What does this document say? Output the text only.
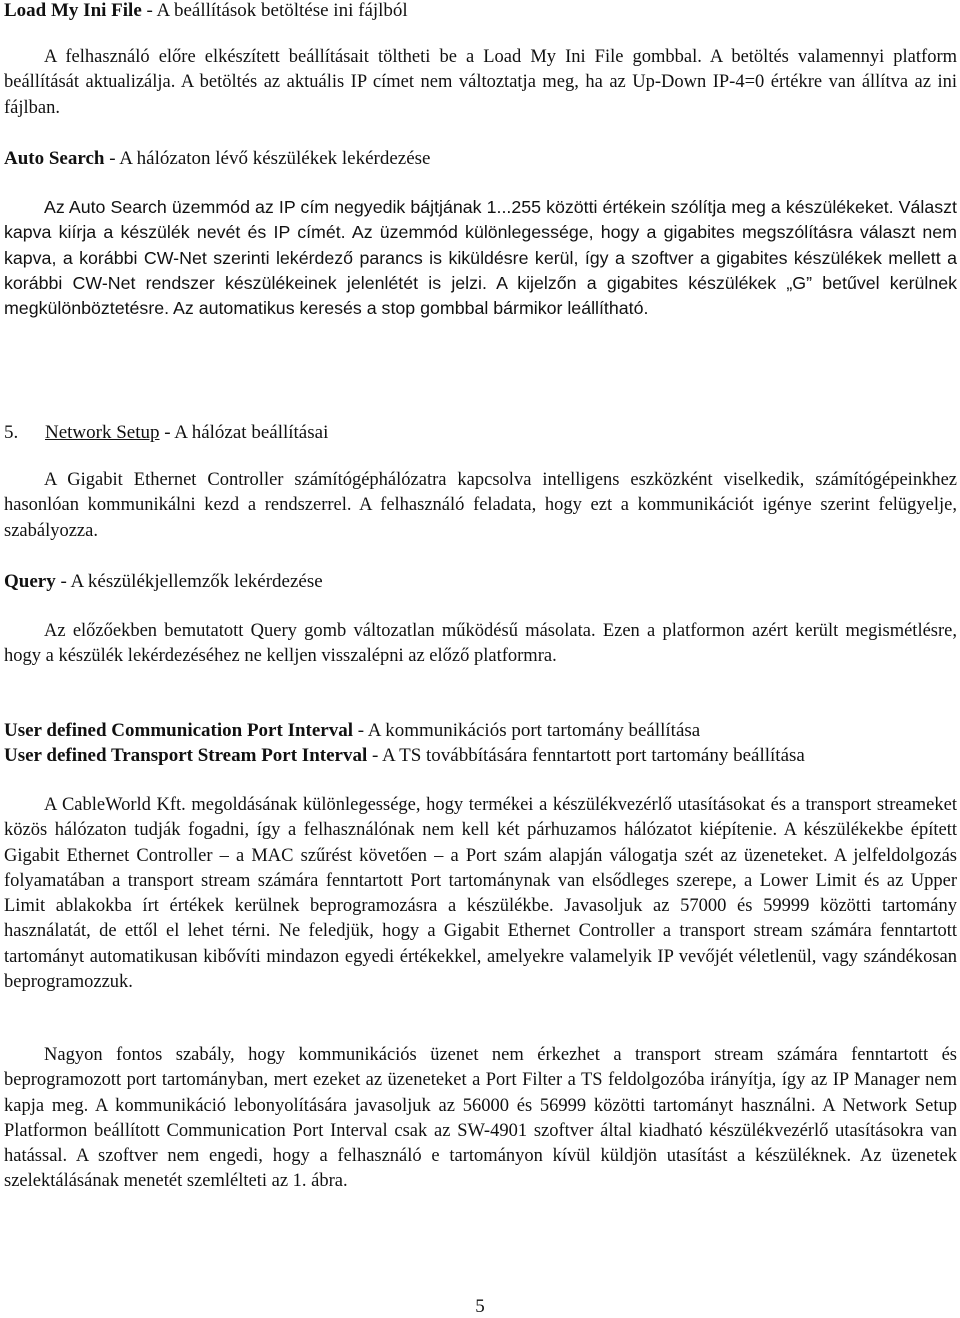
Load My Ini File - A beállítások betöltése ini fájlból

A felhasználó előre elkészített beállításait töltheti be a Load My Ini File gombbal. A betöltés valamennyi platform beállítását aktualizálja. A betöltés az aktuális IP címet nem változtatja meg, ha az Up-Down IP-4=0 értékre van állítva az ini fájlban.

Auto Search - A hálózaton lévő készülékek lekérdezése

Az Auto Search üzemmód az IP cím negyedik bájtjának 1...255 közötti értékein szólítja meg a készülékeket. Választ kapva kiírja a készülék nevét és IP címét. Az üzemmód különlegessége, hogy a gigabites megszólításra választ nem kapva, a korábbi CW-Net szerinti lekérdező parancs is kiküldésre kerül, így a szoftver a gigabites készülékek mellett a korábbi CW-Net rendszer készülékeinek jelenlétét is jelzi. A kijelzőn a gigabites készülékek „G” betűvel kerülnek megkülönböztetésre. Az automatikus keresés a stop gombbal bármikor leállítható.

5. Network Setup - A hálózat beállításai

A Gigabit Ethernet Controller számítógéphálózatra kapcsolva intelligens eszközként viselkedik, számítógépeinkhez hasonlóan kommunikálni kezd a rendszerrel. A felhasználó feladata, hogy ezt a kommunikációt igénye szerint felügyelje, szabályozza.

Query - A készülékjellemzők lekérdezése

Az előzőekben bemutatott Query gomb változatlan működésű másolata. Ezen a platformon azért került megismétlésre, hogy a készülék lekérdezéséhez ne kelljen visszalépni az előző platformra.

User defined Communication Port Interval - A kommunikációs port tartomány beállítása
User defined Transport Stream Port Interval - A TS továbbítására fenntartott port tartomány beállítása

A CableWorld Kft. megoldásának különlegessége, hogy termékei a készülékvezérlő utasításokat és a transport streameket közös hálózaton tudják fogadni, így a felhasználónak nem kell két párhuzamos hálózatot kiépítenie. A készülékekbe épített Gigabit Ethernet Controller – a MAC szűrést követően – a Port szám alapján válogatja szét az üzeneteket. A jelfeldolgozás folyamatában a transport stream számára fenntartott Port tartománynak van elsődleges szerepe, a Lower Limit és az Upper Limit ablakokba írt értékek kerülnek beprogramozásra a készülékbe. Javasoljuk az 57000 és 59999 közötti tartomány használatát, de ettől el lehet térni. Ne feledjük, hogy a Gigabit Ethernet Controller a transport stream számára fenntartott tartományt automatikusan kibővíti mindazon egyedi értékekkel, amelyekre valamelyik IP vevőjét véletlenül, vagy szándékosan beprogramozzuk.

Nagyon fontos szabály, hogy kommunikációs üzenet nem érkezhet a transport stream számára fenntartott és beprogramozott port tartományban, mert ezeket az üzeneteket a Port Filter a TS feldolgozóba irányítja, így az IP Manager nem kapja meg. A kommunikáció lebonyolítására javasoljuk az 56000 és 56999 közötti tartományt használni. A Network Setup Platformon beállított Communication Port Interval csak az SW-4901 szoftver által kiadható készülékvezérlő utasításokra van hatással. A szoftver nem engedi, hogy a felhasználó e tartományon kívül küldjön utasítást a készüléknek. Az üzenetek szelektálásának menetét szemlélteti az 1. ábra.

5
